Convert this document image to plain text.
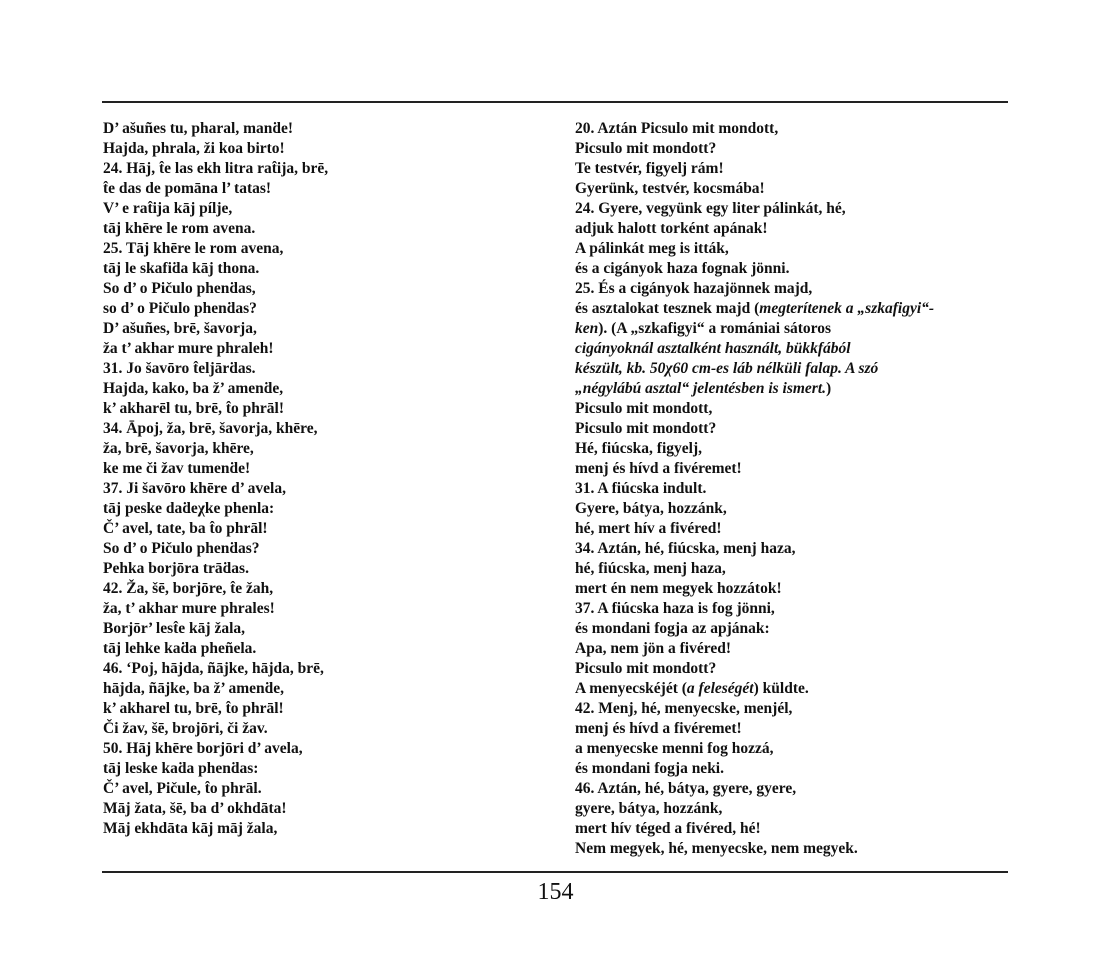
D’ ašuñes tu, pharal, manḋe!
Hajda, phrala, ži koa birto!
24. Hāj, t̂e las ekh litra rat̂ija, brē,
t̂e das de pomāna l’ tatas!
V’ e rat̂ija kāj pílje,
tāj khēre le rom avena.
25. Tāj khēre le rom avena,
tāj le skafiḋa kāj thona.
So d’ o Pičulo phenḋas,
so d’ o Pičulo phenḋas?
D’ ašuñes, brē, šavorja,
ža t’ akhar mure phraleh!
31. Jo šavōro t̂eljārḋas.
Hajda, kako, ba ž’ amenḋe,
k’ akharēl tu, brē, t̂o phrāl!
34. Āpoj, ža, brē, šavorja, khēre,
ža, brē, šavorja, khēre,
ke me či žav tumenḋe!
37. Ji šavōro khēre d’ avela,
tāj peske daḋeχke phenla:
Č’ avel, tate, ba t̂o phrāl!
So d’ o Pičulo phenḋas?
Pehka borjōra trāḋas.
42. Ža, šē, borjōre, t̂e žah,
ža, t’ akhar mure phrales!
Borjōr’ lest̂e kāj žala,
tāj lehke kaḋa pheñela.
46. ‘Poj, hājda, ñājke, hājda, brē,
hājda, ñājke, ba ž’ amenḋe,
k’ akharel tu, brē, t̂o phrāl!
Či žav, šē, brojōri, či žav.
50. Hāj khēre borjōri d’ avela,
tāj leske kaḋa phenḋas:
Č’ avel, Pičule, t̂o phrāl.
Māj žata, šē, ba d’ okhdāta!
Māj ekhdāta kāj māj žala,
20. Aztán Picsulo mit mondott,
Picsulo mit mondott?
Te testvér, figyelj rám!
Gyerünk, testvér, kocsmába!
24. Gyere, vegyünk egy liter pálinkát, hé,
adjuk halott torként apának!
A pálinkát meg is itták,
és a cigányok haza fognak jönni.
25. És a cigányok hazajönnek majd,
és asztalokat tesznek majd (megterítenek a „szkafigyi“-
ken). (A „szkafigyi“ a romániai sátoros
cigányoknál asztalként használt, bükkfából
készült, kb. 50χ60 cm-es láb nélküli falap. A szó
„négylábú asztal“ jelentésben is ismert.)
Picsulo mit mondott,
Picsulo mit mondott?
Hé, fiúcska, figyelj,
menj és hívd a fivéremet!
31. A fiúcska indult.
Gyere, bátya, hozzánk,
hé, mert hív a fivéred!
34. Aztán, hé, fiúcska, menj haza,
hé, fiúcska, menj haza,
mert én nem megyek hozzátok!
37. A fiúcska haza is fog jönni,
és mondani fogja az apjának:
Apa, nem jön a fivéred!
Picsulo mit mondott?
A menyecskéjét (a feleségét) küldte.
42. Menj, hé, menyecske, menjél,
menj és hívd a fivéremet!
a menyecske menni fog hozzá,
és mondani fogja neki.
46. Aztán, hé, bátya, gyere, gyere,
gyere, bátya, hozzánk,
mert hív téged a fivéred, hé!
Nem megyek, hé, menyecske, nem megyek.
154
